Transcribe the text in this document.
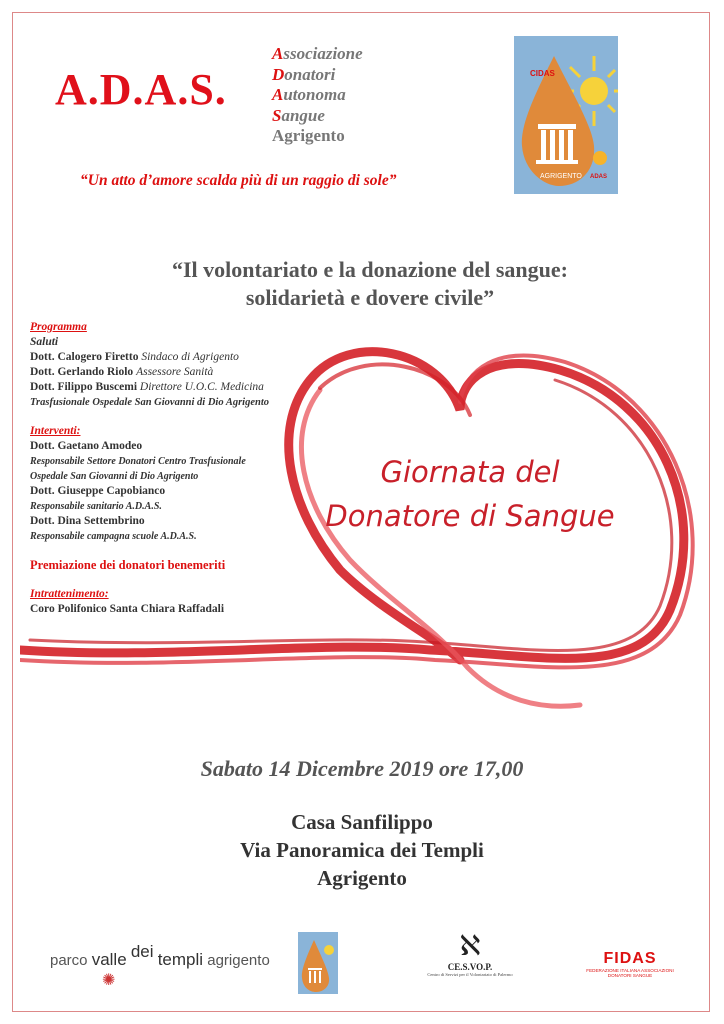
A.D.A.S.
Associazione
Donatori
Autonoma
Sangue
Agrigento
“Un atto d’amore scalda più di un raggio di sole”
CIDAS
AGRIGENTO ADAS
“Il volontariato e la donazione del sangue:
solidarietà e dovere civile”
Programma
Saluti
Dott. Calogero Firetto Sindaco di Agrigento
Dott. Gerlando Riolo Assessore Sanità
Dott. Filippo Buscemi Direttore U.O.C. Medicina
Trasfusionale Ospedale San Giovanni di Dio Agrigento
Interventi:
Dott. Gaetano Amodeo
Responsabile Settore Donatori Centro Trasfusionale
Ospedale San Giovanni di Dio Agrigento
Dott. Giuseppe Capobianco
Responsabile sanitario A.D.A.S.
Dott. Dina Settembrino
Responsabile campagna scuole A.D.A.S.
Premiazione dei donatori benemeriti
Intrattenimento:
Coro Polifonico Santa Chiara Raffadali
Giornata del
Donatore di Sangue
Sabato 14 Dicembre 2019 ore 17,00
Casa Sanfilippo
Via Panoramica dei Templi
Agrigento
parco valle dei templi agrigento
✺
ℵ
CE.S.VO.P.
Centro di Servizi per il Volontariato di Palermo
FIDAS
FEDERAZIONE ITALIANA ASSOCIAZIONI DONATORI SANGUE
